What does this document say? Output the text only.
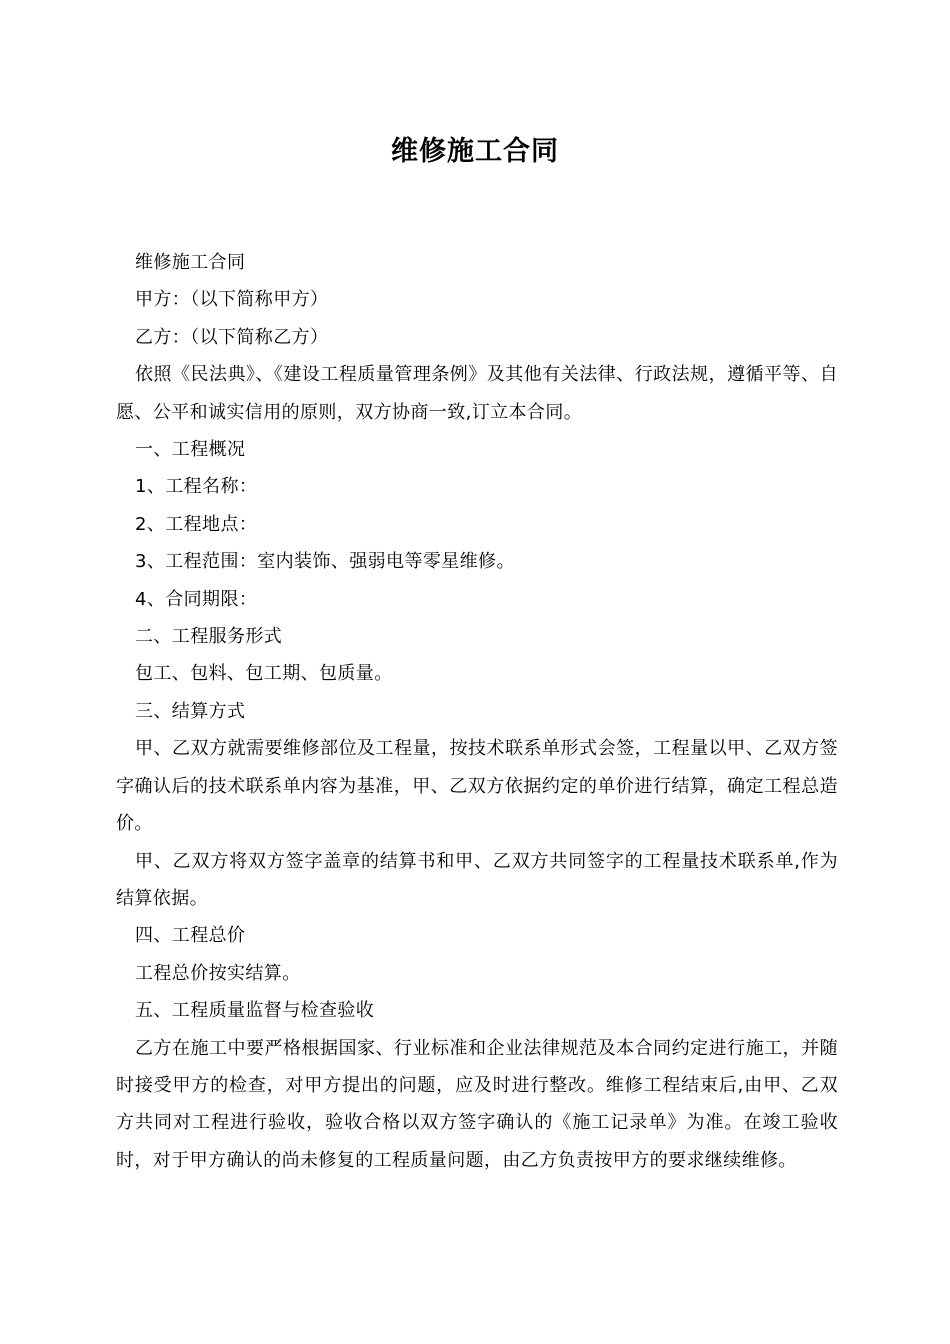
维修施工合同

维修施工合同

甲方：（以下简称甲方）

乙方：（以下简称乙方）

依照《民法典》、《建设工程质量管理条例》及其他有关法律、行政法规，遵循平等、自愿、公平和诚实信用的原则，双方协商一致,订立本合同。

一、工程概况

1、工程名称：

2、工程地点：

3、工程范围：室内装饰、强弱电等零星维修。

4、合同期限：

二、工程服务形式

包工、包料、包工期、包质量。

三、结算方式

甲、乙双方就需要维修部位及工程量，按技术联系单形式会签，工程量以甲、乙双方签字确认后的技术联系单内容为基准，甲、乙双方依据约定的单价进行结算，确定工程总造价。

甲、乙双方将双方签字盖章的结算书和甲、乙双方共同签字的工程量技术联系单,作为结算依据。

四、工程总价

工程总价按实结算。

五、工程质量监督与检查验收

乙方在施工中要严格根据国家、行业标准和企业法律规范及本合同约定进行施工，并随时接受甲方的检查，对甲方提出的问题，应及时进行整改。维修工程结束后,由甲、乙双方共同对工程进行验收，验收合格以双方签字确认的《施工记录单》为准。在竣工验收时，对于甲方确认的尚未修复的工程质量问题，由乙方负责按甲方的要求继续维修。
